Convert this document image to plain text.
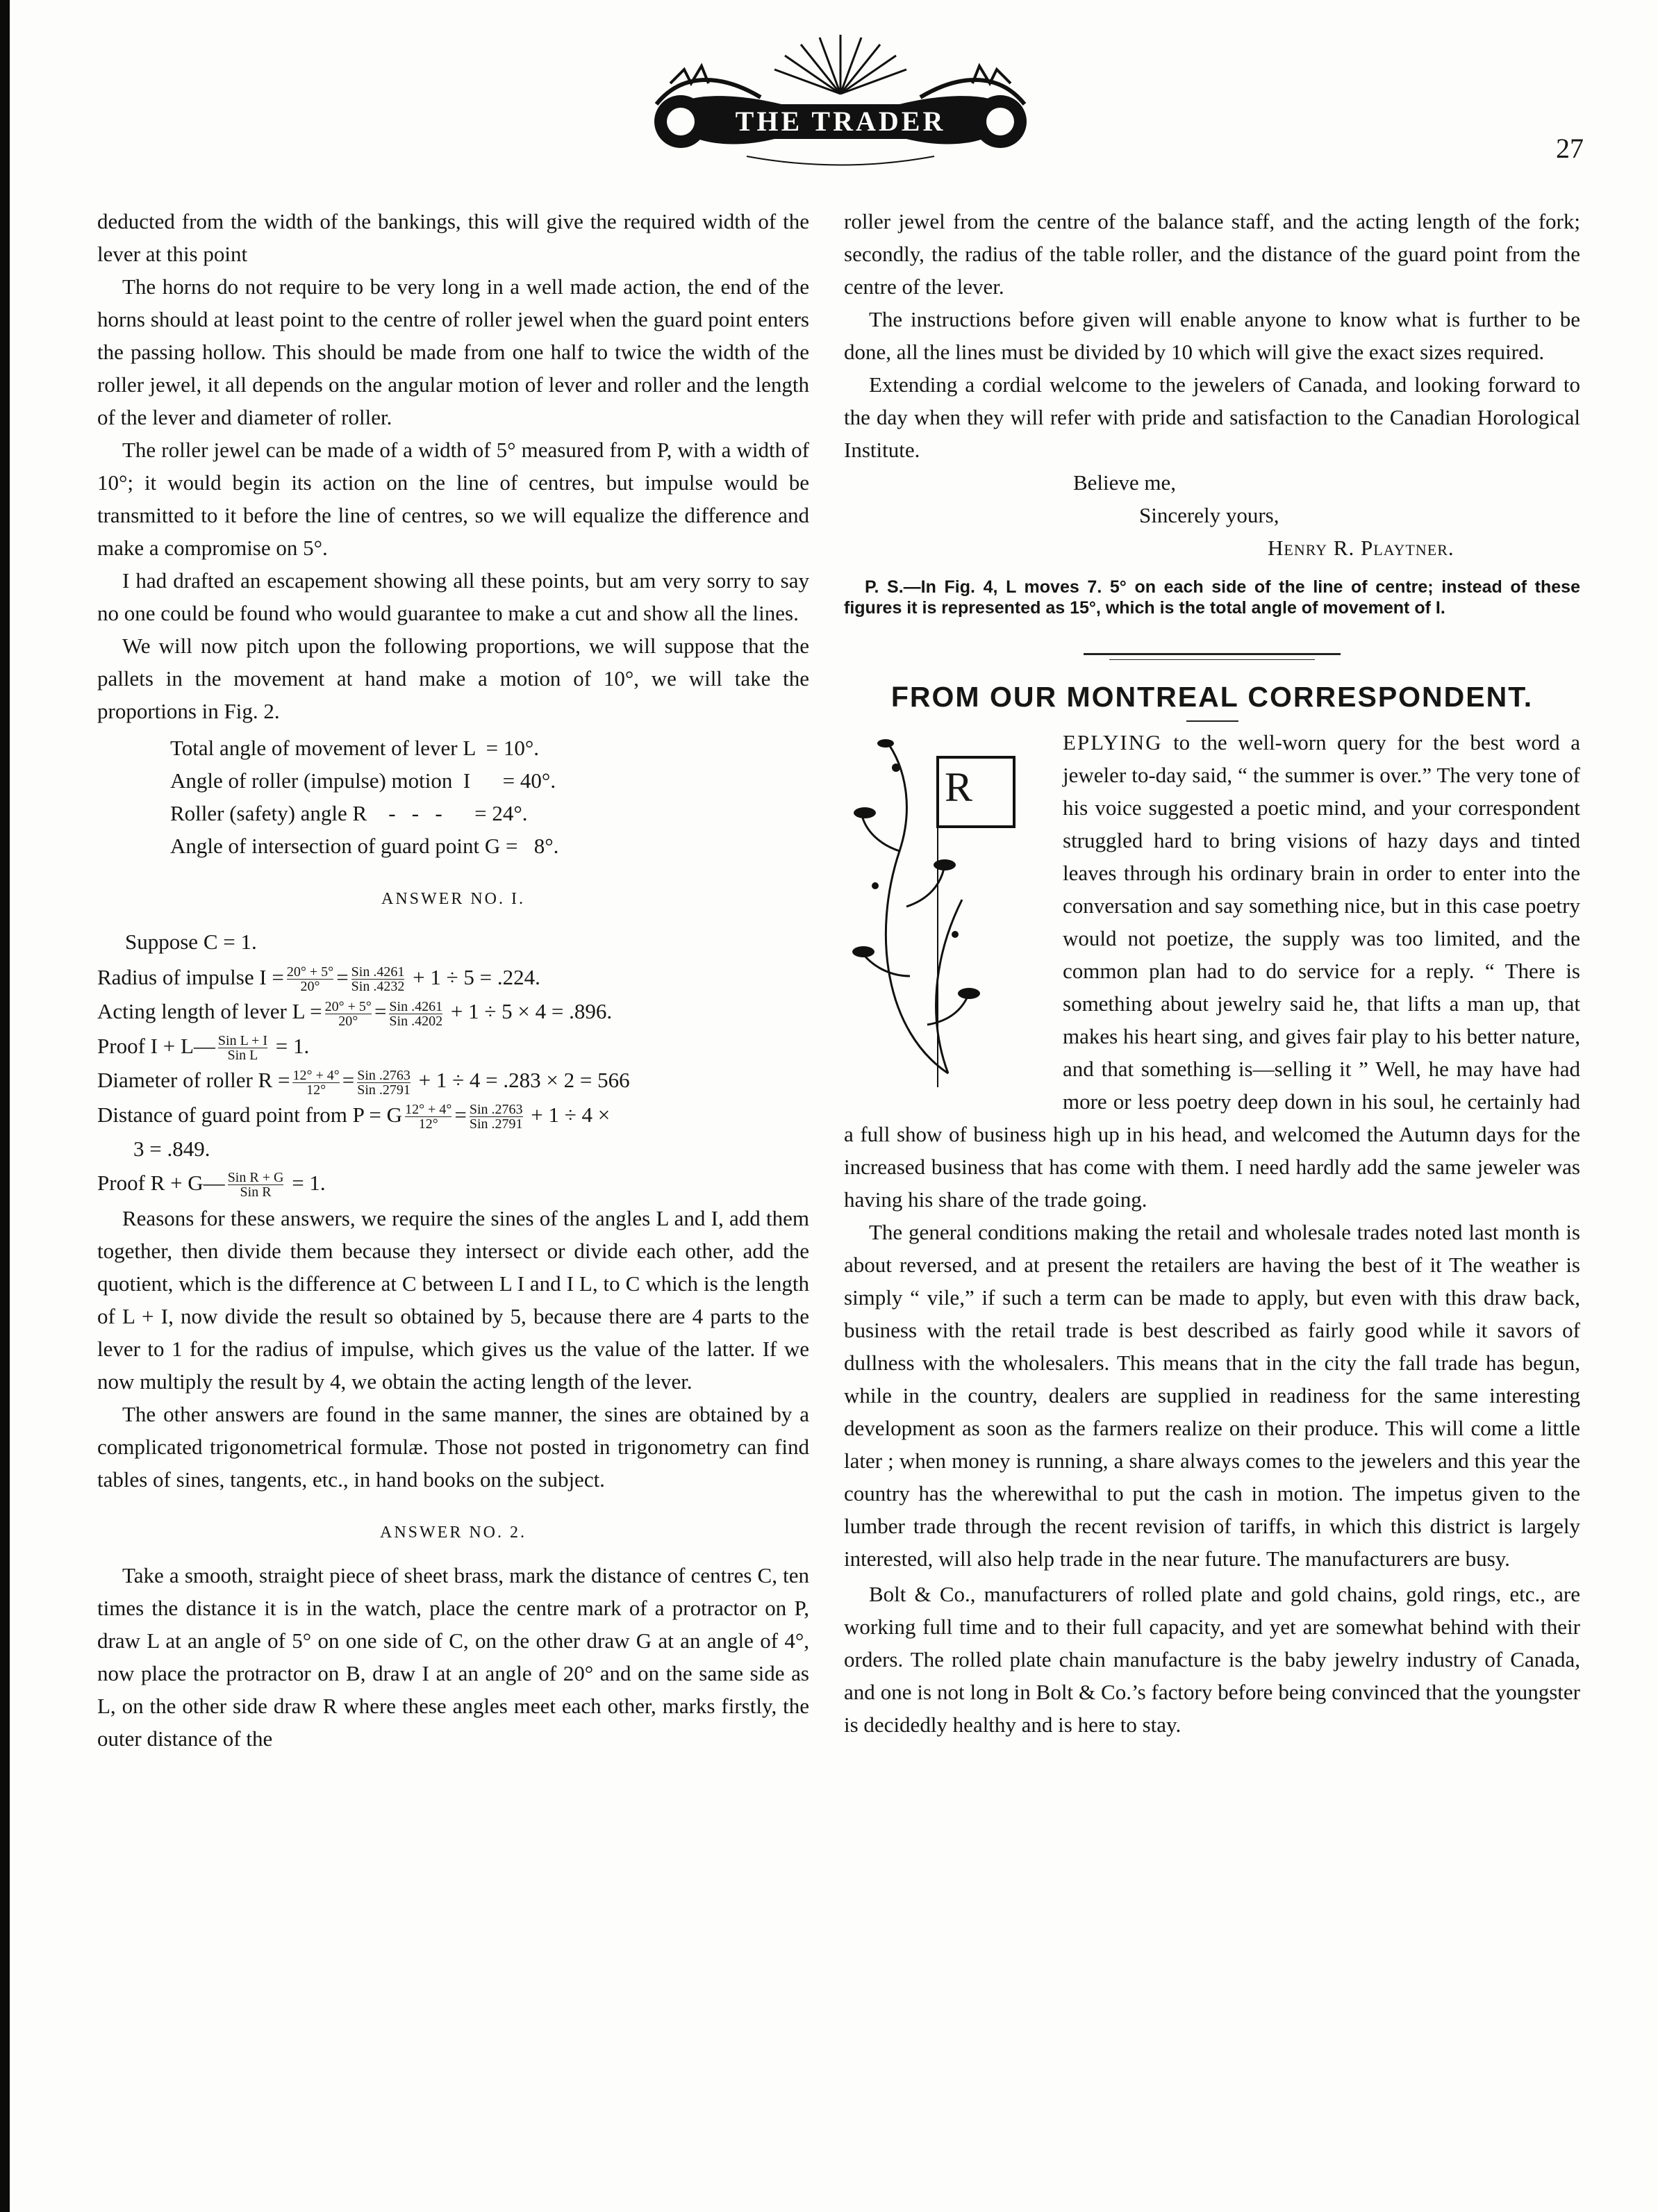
THE TRADER
27

deducted from the width of the bankings, this will give the required width of the lever at this point

The horns do not require to be very long in a well made action, the end of the horns should at least point to the centre of roller jewel when the guard point enters the passing hollow. This should be made from one half to twice the width of the roller jewel, it all depends on the angular motion of lever and roller and the length of the lever and diameter of roller.

The roller jewel can be made of a width of 5° measured from P, with a width of 10°; it would begin its action on the line of centres, but impulse would be transmitted to it before the line of centres, so we will equalize the difference and make a compromise on 5°.

I had drafted an escapement showing all these points, but am very sorry to say no one could be found who would guarantee to make a cut and show all the lines.

We will now pitch upon the following proportions, we will suppose that the pallets in the movement at hand make a motion of 10°, we will take the proportions in Fig. 2.

Total angle of movement of lever L  = 10°.
Angle of roller (impulse) motion  I      = 40°.
Roller (safety) angle R    -   -   -      = 24°.
Angle of intersection of guard point G =   8°.
ANSWER NO. I.
Suppose C = 1.
Radius of impulse $I = \frac{20^\circ + 5^\circ}{20^\circ} = \frac{\text{Sin .4261}}{\text{Sin .4232}} + 1 \div 5 = .224$.
Acting length of lever $L = \frac{20^\circ + 5^\circ}{20^\circ} = \frac{\text{Sin .4261}}{\text{Sin .4202}} + 1 \div 5 \times 4 = .896$.
Proof I + L— $\frac{\text{Sin L + I}}{\text{Sin L}} = 1$.
Diameter of roller $R = \frac{12^\circ + 4^\circ}{12^\circ} = \frac{\text{Sin .2763}}{\text{Sin .2791}} + 1 \div 4 = .283 \times 2 = 566$
Distance of guard point from P = G $\frac{12^\circ + 4^\circ}{12^\circ} = \frac{\text{Sin .2763}}{\text{Sin .2791}} + 1 \div 4$ ×
3 = .849.
Proof R + G— $\frac{\text{Sin R + G}}{\text{Sin R}} = 1$.

Reasons for these answers, we require the sines of the angles L and I, add them together, then divide them because they intersect or divide each other, add the quotient, which is the difference at C between L I and I L, to C which is the length of L + I, now divide the result so obtained by 5, because there are 4 parts to the lever to 1 for the radius of impulse, which gives us the value of the latter. If we now multiply the result by 4, we obtain the acting length of the lever.

The other answers are found in the same manner, the sines are obtained by a complicated trigonometrical formulæ. Those not posted in trigonometry can find tables of sines, tangents, etc., in hand books on the subject.

ANSWER NO. 2.

Take a smooth, straight piece of sheet brass, mark the distance of centres C, ten times the distance it is in the watch, place the centre mark of a protractor on P, draw L at an angle of 5° on one side of C, on the other draw G at an angle of 4°, now place the protractor on B, draw I at an angle of 20° and on the same side as L, on the other side draw R where these angles meet each other, marks firstly, the outer distance of the

roller jewel from the centre of the balance staff, and the acting length of the fork; secondly, the radius of the table roller, and the distance of the guard point from the centre of the lever.

The instructions before given will enable anyone to know what is further to be done, all the lines must be divided by 10 which will give the exact sizes required.

Extending a cordial welcome to the jewelers of Canada, and looking forward to the day when they will refer with pride and satisfaction to the Canadian Horological Institute.

Believe me,
Sincerely yours,
Henry R. Playtner.

P. S.—In Fig. 4, L moves 7. 5° on each side of the line of centre; instead of these figures it is represented as 15°, which is the total angle of movement of I.

FROM OUR MONTREAL CORRESPONDENT.
R

EPLYING to the well-worn query for the best word a jeweler to-day said, “ the summer is over.” The very tone of his voice suggested a poetic mind, and your correspondent struggled hard to bring visions of hazy days and tinted leaves through his ordinary brain in order to enter into the conversation and say something nice, but in this case poetry would not poetize, the supply was too limited, and the common plan had to do service for a reply. “ There is something about jewelry said he, that lifts a man up, that makes his heart sing, and gives fair play to his better nature, and that something is—selling it ” Well, he may have had more or less poetry deep down in his soul, he certainly had a full show of business high up in his head, and welcomed the Autumn days for the increased business that has come with them. I need hardly add the same jeweler was having his share of the trade going.

The general conditions making the retail and wholesale trades noted last month is about reversed, and at present the retailers are having the best of it The weather is simply “ vile,” if such a term can be made to apply, but even with this draw back, business with the retail trade is best described as fairly good while it savors of dullness with the wholesalers. This means that in the city the fall trade has begun, while in the country, dealers are supplied in readiness for the same interesting development as soon as the farmers realize on their produce. This will come a little later ; when money is running, a share always comes to the jewelers and this year the country has the wherewithal to put the cash in motion. The impetus given to the lumber trade through the recent revision of tariffs, in which this district is largely interested, will also help trade in the near future. The manufacturers are busy.

Bolt & Co., manufacturers of rolled plate and gold chains, gold rings, etc., are working full time and to their full capacity, and yet are somewhat behind with their orders. The rolled plate chain manufacture is the baby jewelry industry of Canada, and one is not long in Bolt & Co.’s factory before being convinced that the youngster is decidedly healthy and is here to stay.
